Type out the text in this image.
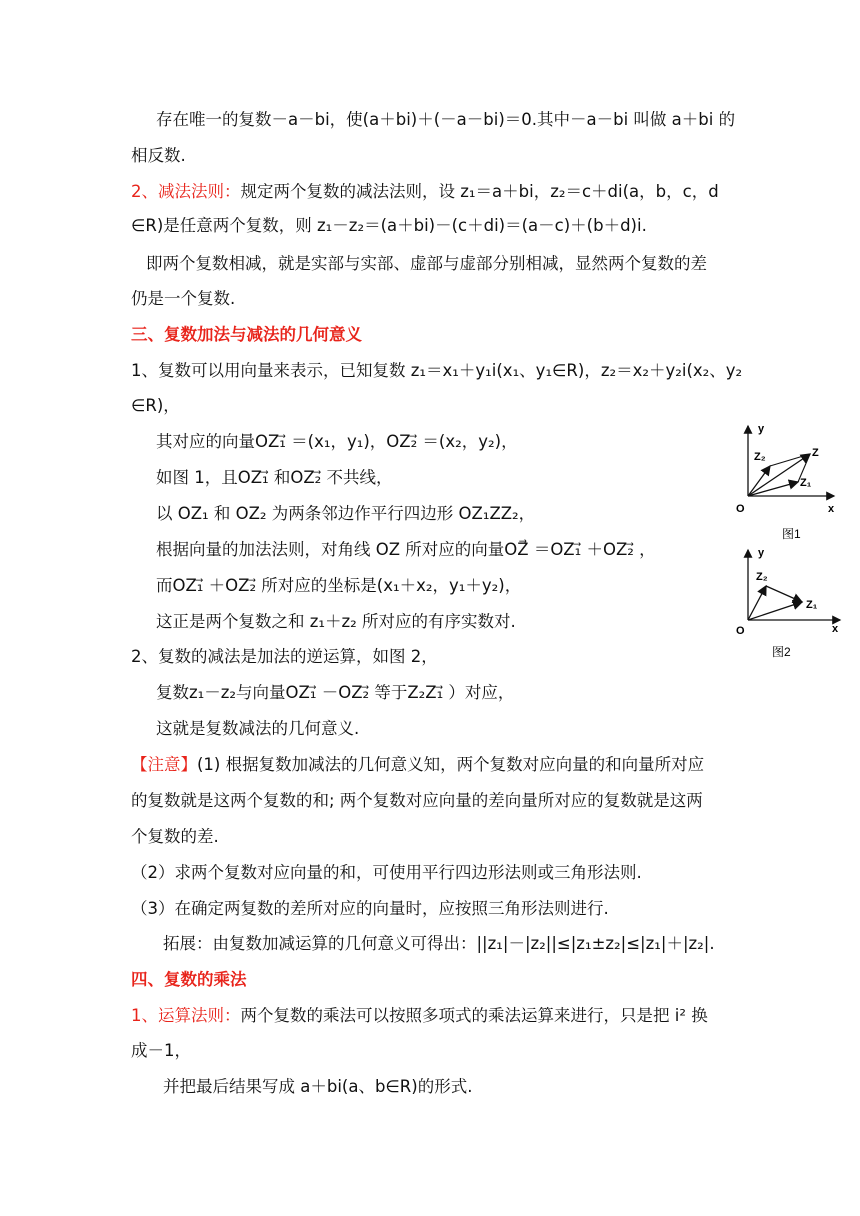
存在唯一的复数－a－bi，使(a＋bi)＋(－a－bi)＝0.其中－a－bi 叫做 a＋bi 的
相反数.
2、减法法则：规定两个复数的减法法则，设 z₁＝a＋bi，z₂＝c＋di(a，b，c，d
∈R)是任意两个复数，则 z₁－z₂＝(a＋bi)－(c＋di)＝(a－c)＋(b＋d)i.
即两个复数相减，就是实部与实部、虚部与虚部分别相减，显然两个复数的差
仍是一个复数.
三、复数加法与减法的几何意义
1、复数可以用向量来表示，已知复数 z₁＝x₁＋y₁i(x₁、y₁∈R)，z₂＝x₂＋y₂i(x₂、y₂
∈R)，
其对应的向量OZ₁⃗ ＝(x₁，y₁)，OZ₂⃗ ＝(x₂，y₂)，
如图 1，且OZ₁⃗ 和OZ₂⃗ 不共线，
以 OZ₁ 和 OZ₂ 为两条邻边作平行四边形 OZ₁ZZ₂，
根据向量的加法法则，对角线 OZ 所对应的向量OZ⃗ ＝OZ₁⃗ ＋OZ₂⃗ ，
而OZ₁⃗ ＋OZ₂⃗ 所对应的坐标是(x₁＋x₂，y₁＋y₂)，
这正是两个复数之和 z₁＋z₂ 所对应的有序实数对.
2、复数的减法是加法的逆运算，如图 2，
复数z₁－z₂与向量OZ₁⃗ －OZ₂⃗ 等于Z₂Z₁⃗ ）对应，
这就是复数减法的几何意义.
【注意】(1) 根据复数加减法的几何意义知，两个复数对应向量的和向量所对应
的复数就是这两个复数的和; 两个复数对应向量的差向量所对应的复数就是这两
个复数的差.
（2）求两个复数对应向量的和，可使用平行四边形法则或三角形法则.
（3）在确定两复数的差所对应的向量时，应按照三角形法则进行.
拓展：由复数加减运算的几何意义可得出：||z₁|－|z₂||≤|z₁±z₂|≤|z₁|＋|z₂|.
四、复数的乘法
1、运算法则：两个复数的乘法可以按照多项式的乘法运算来进行，只是把 i² 换
成－1，
并把最后结果写成 a＋bi(a、b∈R)的形式.
y
x
O
Z₂	Z
Z₁
图1
y
x
O
Z₂
Z₁
图2
